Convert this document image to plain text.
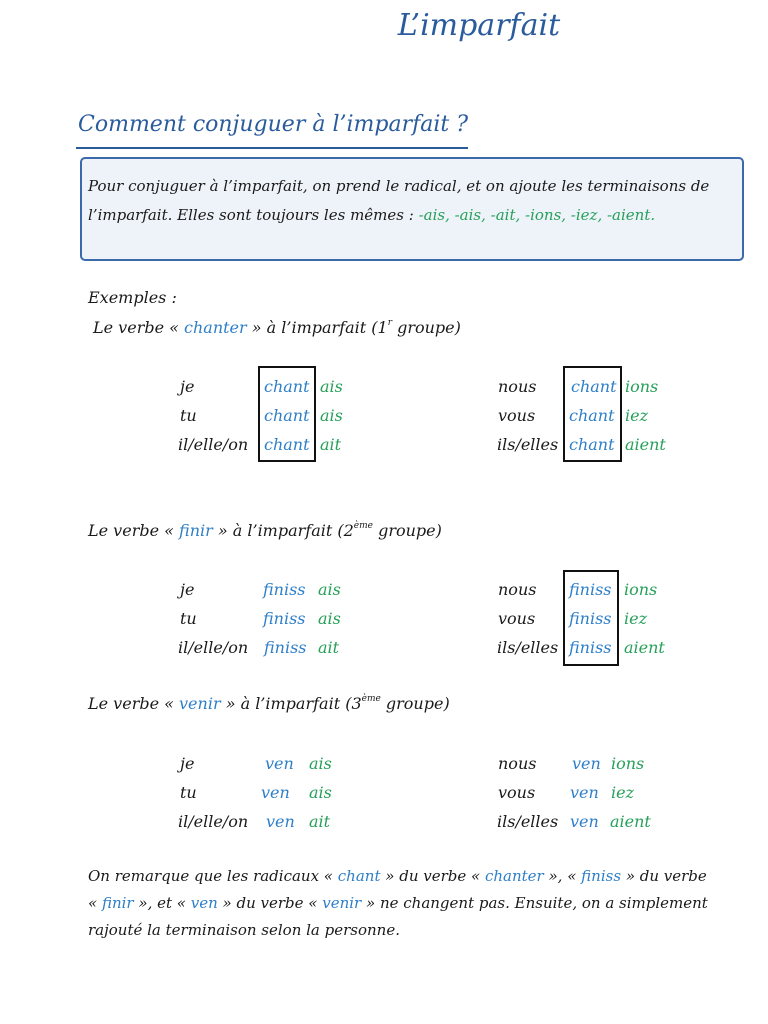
L’imparfait
Comment conjuguer à l’imparfait ?
Pour conjuguer à l’imparfait, on prend le radical, et on ajoute les terminaisons de l’imparfait. Elles sont toujours les mêmes : -ais, -ais, -ait, -ions, -iez, -aient.
Exemples :
Le verbe « chanter » à l’imparfait (1$^r$ groupe)
je	chant ais	nous chant ions
tu	chant ais	vous chant iez
il/elle/on chant ait	ils/elles chant aient
Le verbe « finir » à l’imparfait (2ème groupe)
je	finiss ais	nous finiss ions
tu	finiss ais	vous finiss iez
il/elle/on finiss ait	ils/elles finiss aient
Le verbe « venir » à l’imparfait (3ème groupe)
je	ven ais	nous ven ions
tu	ven ais	vous ven iez
il/elle/on ven ait	ils/elles ven aient
On remarque que les radicaux « chant » du verbe « chanter », « finiss » du verbe
« finir », et « ven » du verbe « venir » ne changent pas. Ensuite, on a simplement
rajouté la terminaison selon la personne.
